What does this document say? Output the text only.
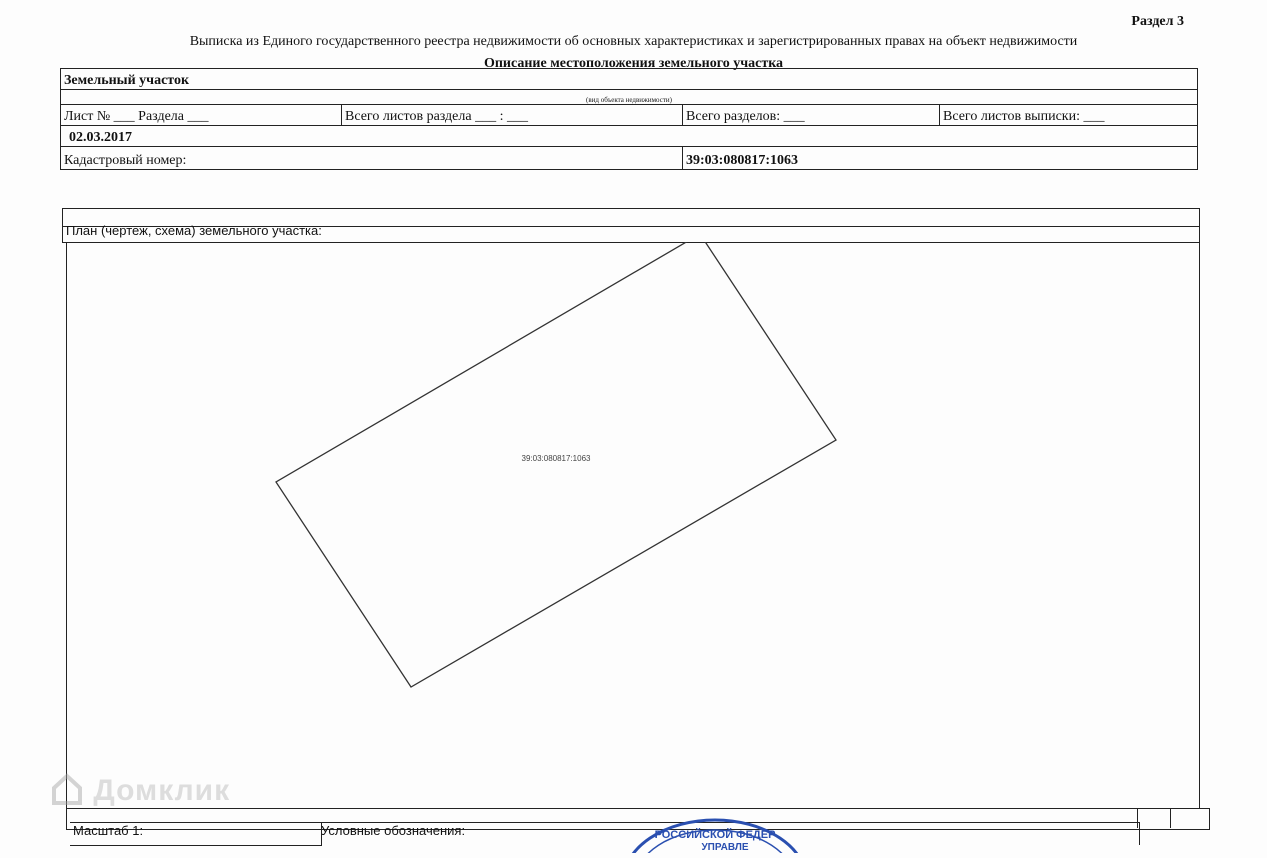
Раздел 3
Выписка из Единого государственного реестра недвижимости об основных характеристиках и зарегистрированных правах на объект недвижимости
Описание местоположения земельного участка
Земельный участок			
(вид объекта недвижимости)			
Лист № ___ Раздела ___	Всего листов раздела ___ : ___	Всего разделов: ___	Всего листов выписки: ___
02.03.2017			
Кадастровый номер:		39:03:080817:1063	
План (чертеж, схема) земельного участка:
39:03:080817:1063
Масштаб 1:	Условные обозначения:
Домклик
РОССИЙСКОЙ ФЕДЕР
УПРАВЛЕ
